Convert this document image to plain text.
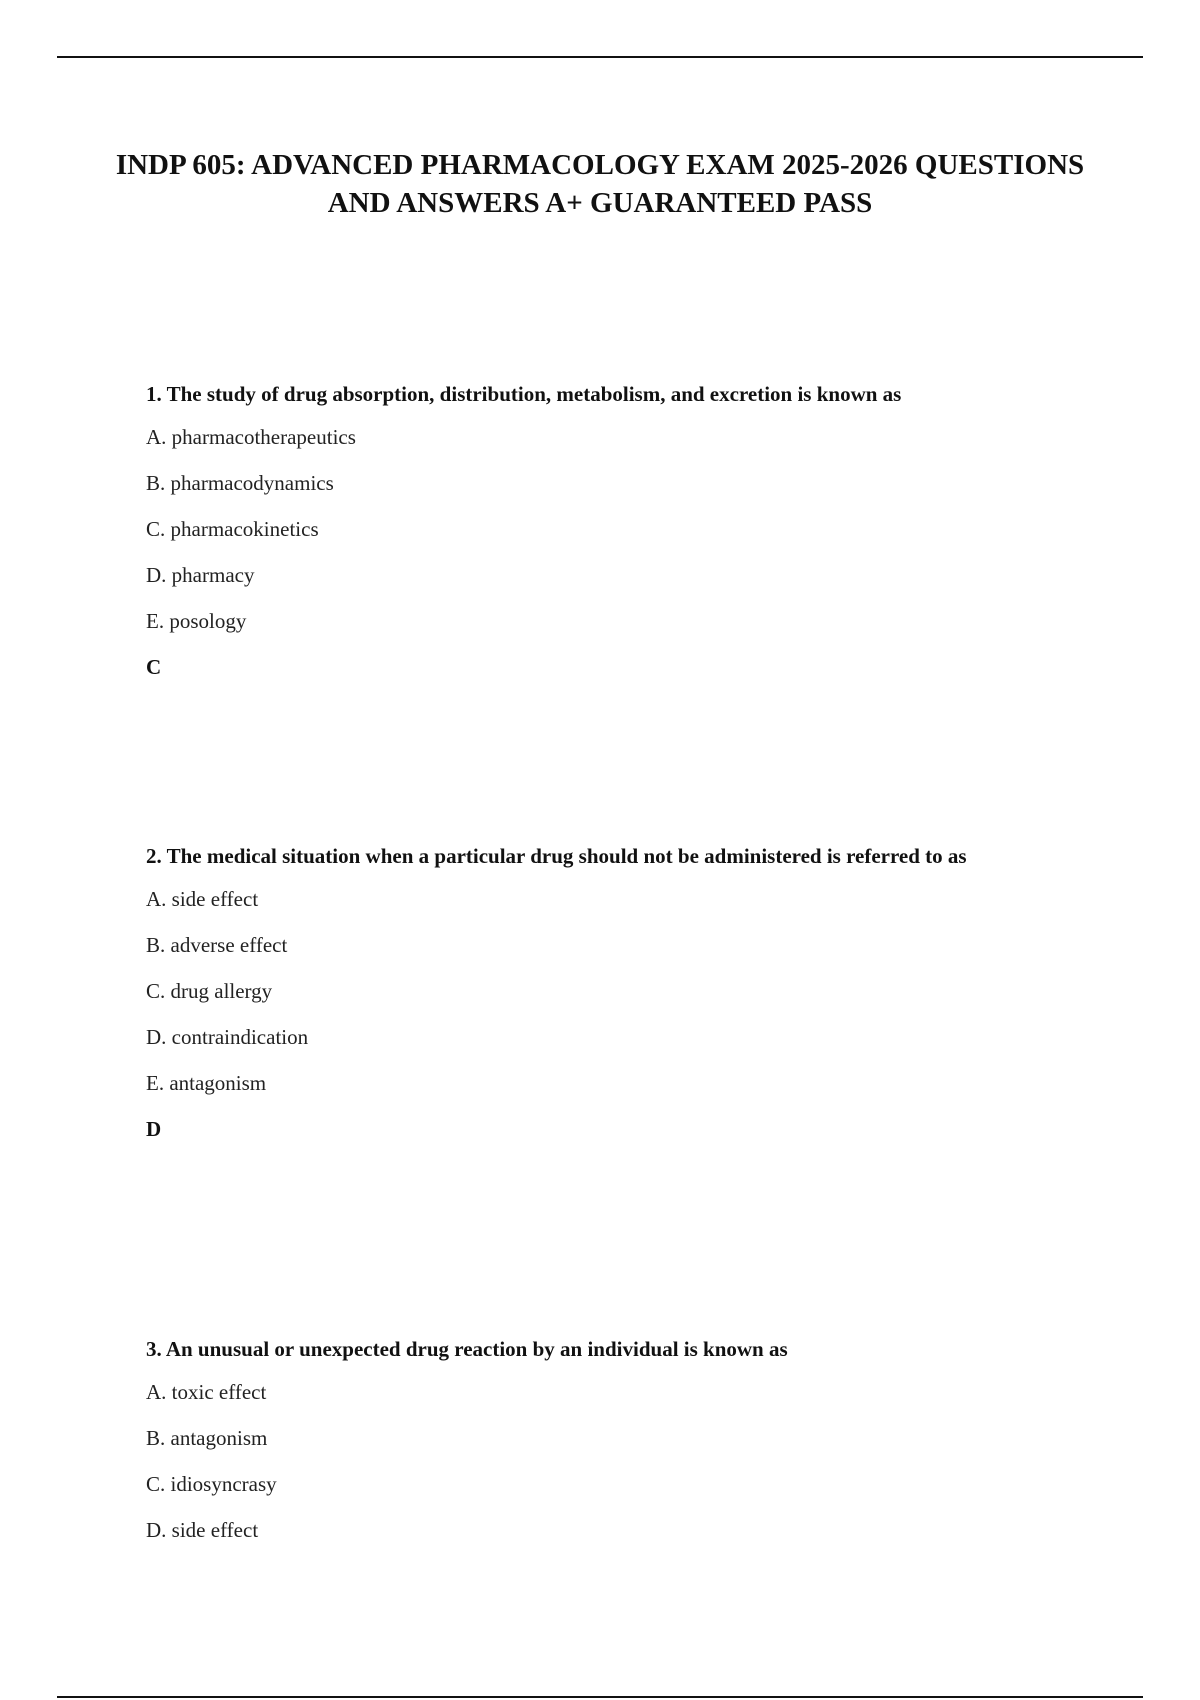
INDP 605: ADVANCED PHARMACOLOGY EXAM 2025-2026 QUESTIONS AND ANSWERS A+ GUARANTEED PASS

1. The study of drug absorption, distribution, metabolism, and excretion is known as

A. pharmacotherapeutics
B. pharmacodynamics
C. pharmacokinetics
D. pharmacy
E. posology

C

2. The medical situation when a particular drug should not be administered is referred to as

A. side effect
B. adverse effect
C. drug allergy
D. contraindication
E. antagonism

D

3. An unusual or unexpected drug reaction by an individual is known as

A. toxic effect
B. antagonism
C. idiosyncrasy
D. side effect
